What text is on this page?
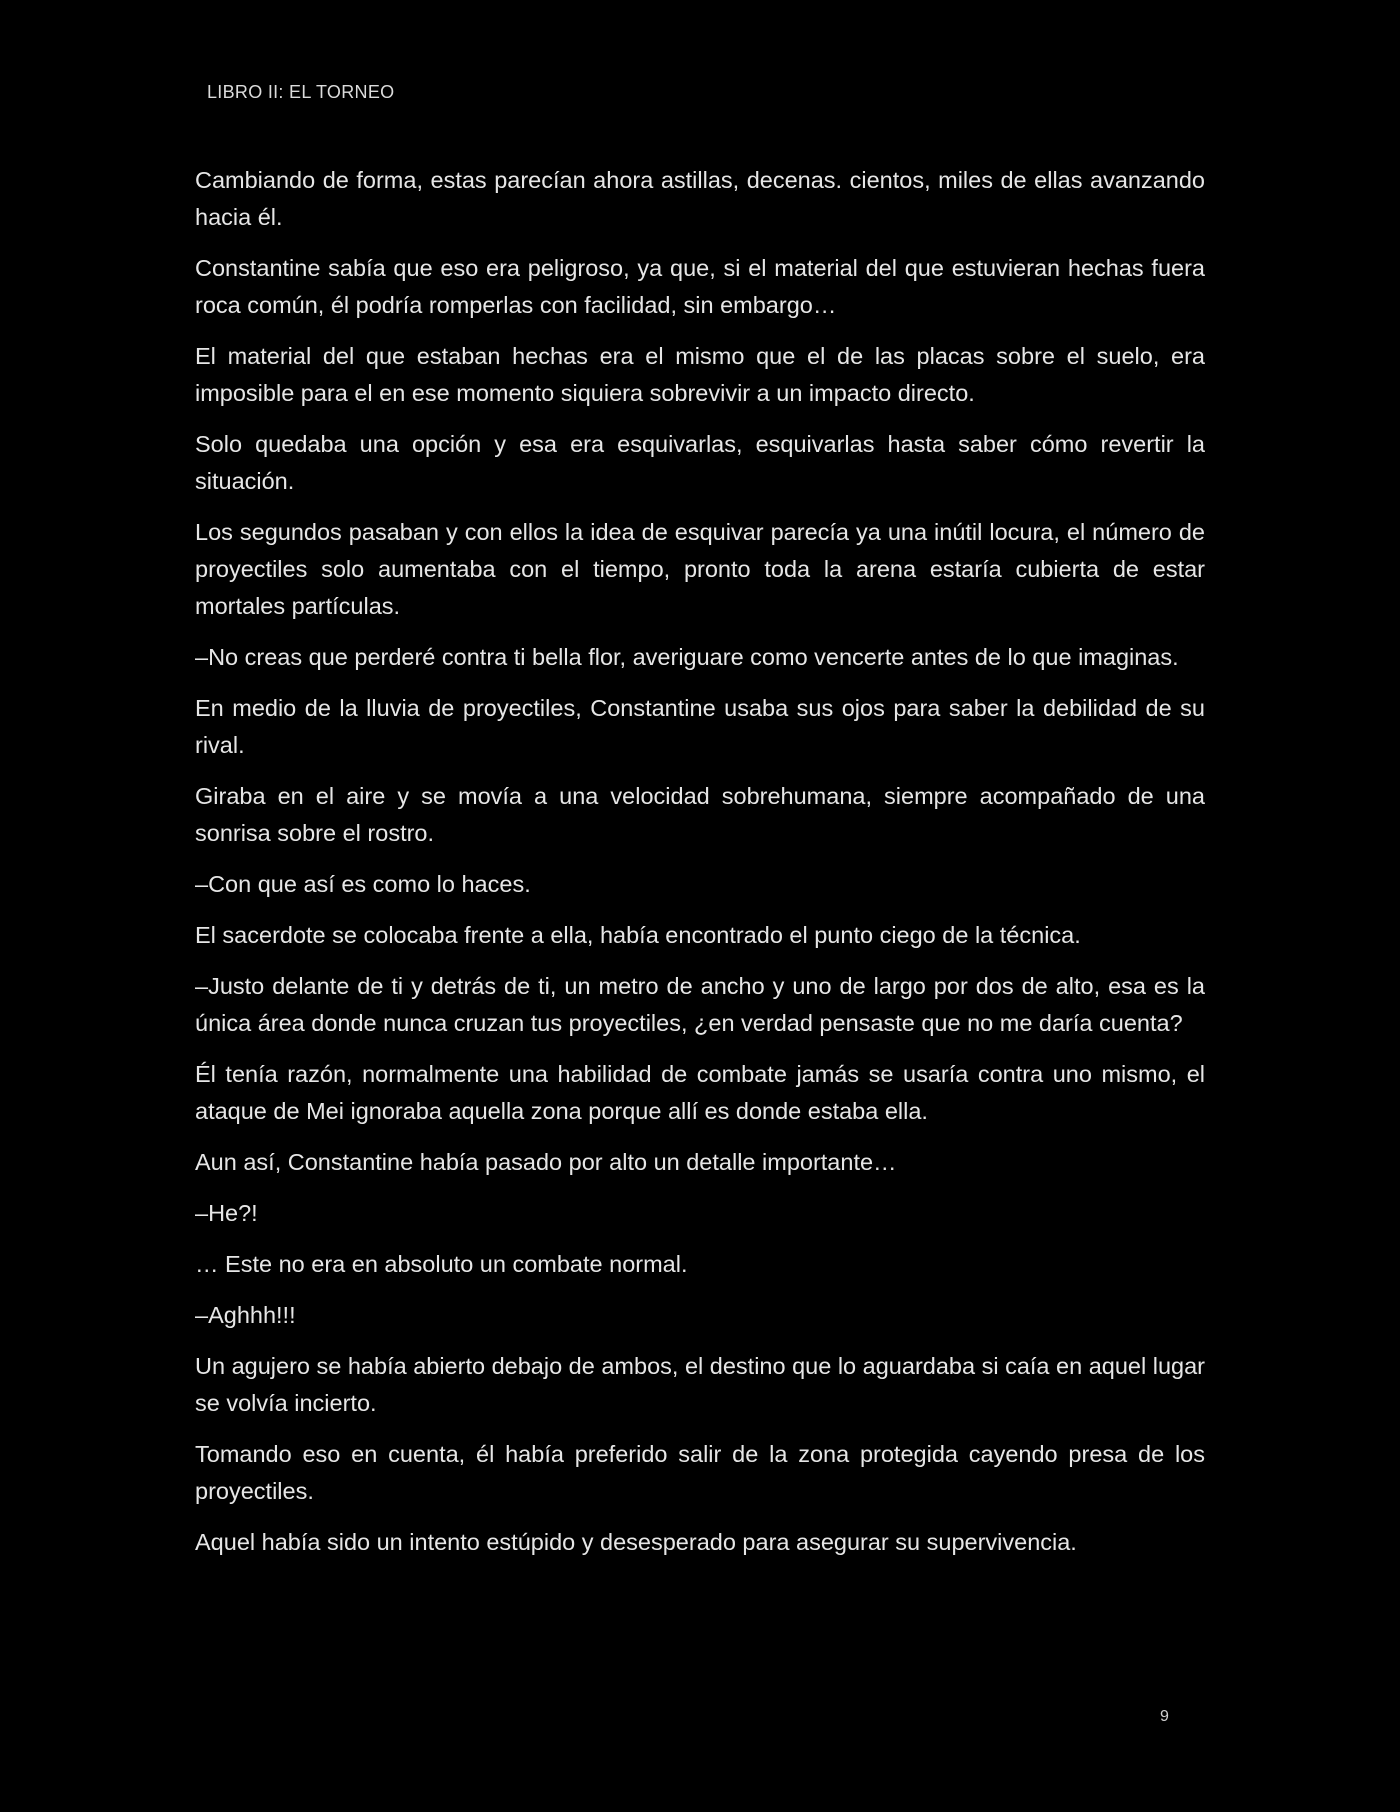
LIBRO II: EL TORNEO

Cambiando de forma, estas parecían ahora astillas, decenas. cientos, miles de ellas avanzando hacia él.

Constantine sabía que eso era peligroso, ya que, si el material del que estuvieran hechas fuera roca común, él podría romperlas con facilidad, sin embargo…

El material del que estaban hechas era el mismo que el de las placas sobre el suelo, era imposible para el en ese momento siquiera sobrevivir a un impacto directo.

Solo quedaba una opción y esa era esquivarlas, esquivarlas hasta saber cómo revertir la situación.

Los segundos pasaban y con ellos la idea de esquivar parecía ya una inútil locura, el número de proyectiles solo aumentaba con el tiempo, pronto toda la arena estaría cubierta de estar mortales partículas.

–No creas que perderé contra ti bella flor, averiguare como vencerte antes de lo que imaginas.

En medio de la lluvia de proyectiles, Constantine usaba sus ojos para saber la debilidad de su rival.

Giraba en el aire y se movía a una velocidad sobrehumana, siempre acompañado de una sonrisa sobre el rostro.

–Con que así es como lo haces.

El sacerdote se colocaba frente a ella, había encontrado el punto ciego de la técnica.

–Justo delante de ti y detrás de ti, un metro de ancho y uno de largo por dos de alto, esa es la única área donde nunca cruzan tus proyectiles, ¿en verdad pensaste que no me daría cuenta?

Él tenía razón, normalmente una habilidad de combate jamás se usaría contra uno mismo, el ataque de Mei ignoraba aquella zona porque allí es donde estaba ella.

Aun así, Constantine había pasado por alto un detalle importante…

–He?!

… Este no era en absoluto un combate normal.

–Aghhh!!!

Un agujero se había abierto debajo de ambos, el destino que lo aguardaba si caía en aquel lugar se volvía incierto.

Tomando eso en cuenta, él había preferido salir de la zona protegida cayendo presa de los proyectiles.

Aquel había sido un intento estúpido y desesperado para asegurar su supervivencia.

9
